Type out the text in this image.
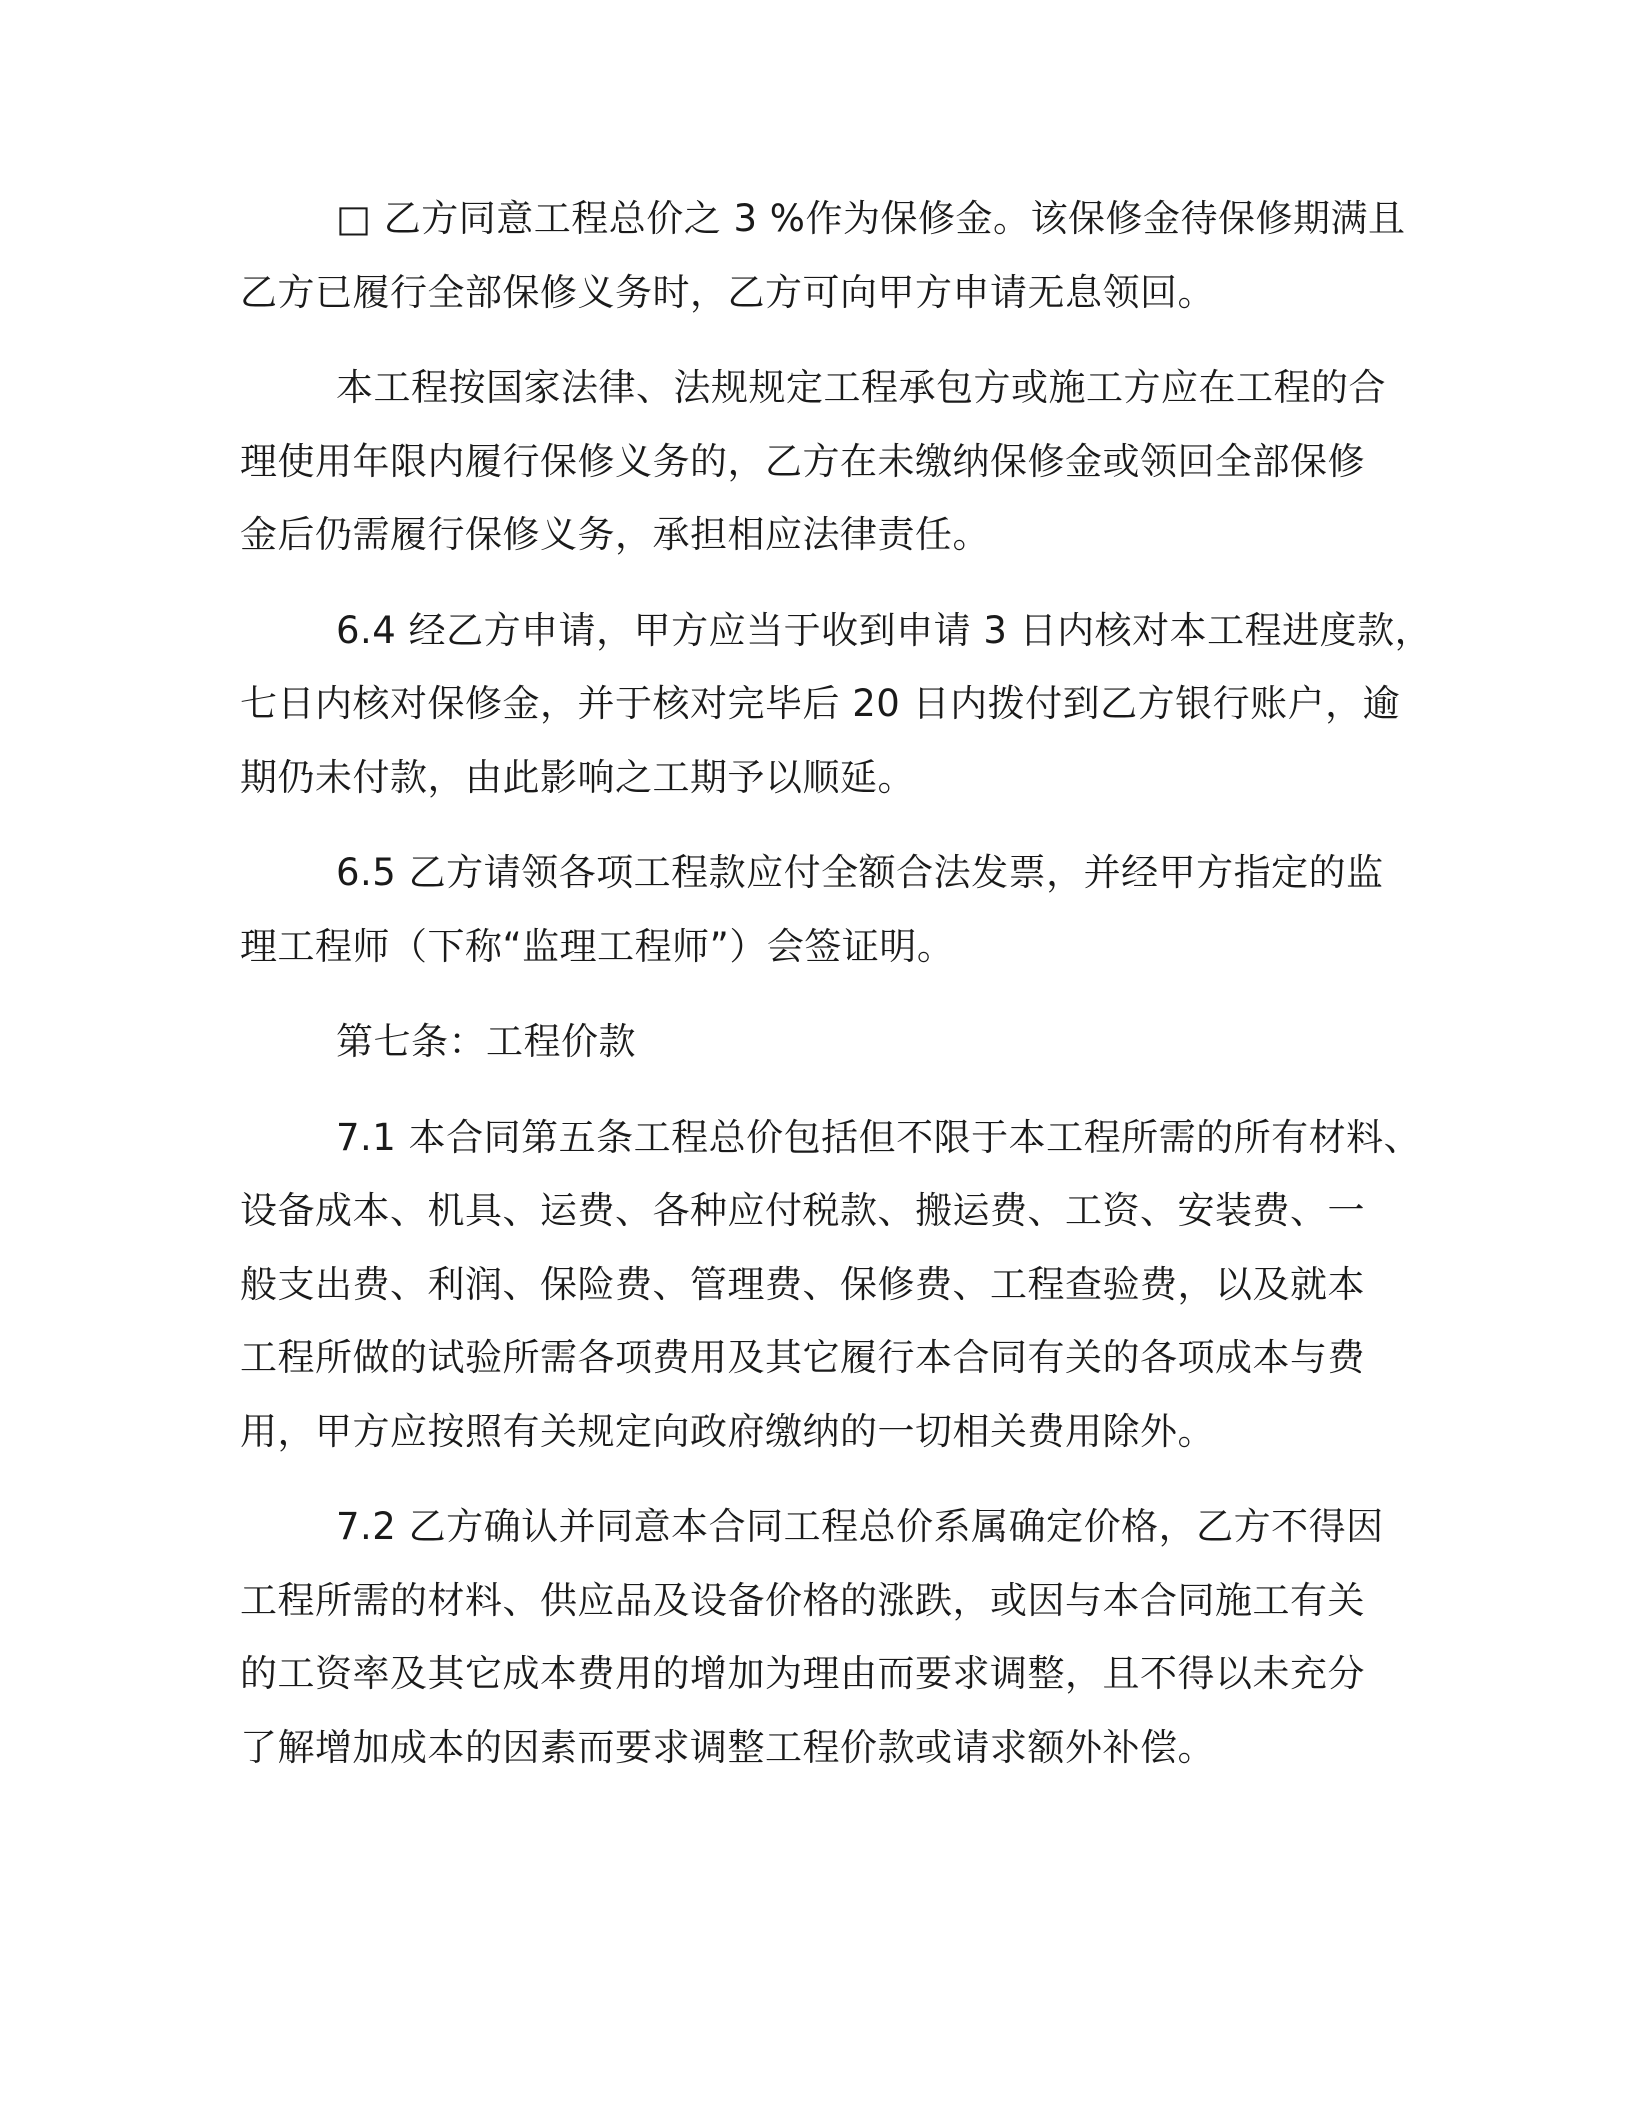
□ 乙方同意工程总价之 3 %作为保修金。该保修金待保修期满且
乙方已履行全部保修义务时，乙方可向甲方申请无息领回。
本工程按国家法律、法规规定工程承包方或施工方应在工程的合
理使用年限内履行保修义务的，乙方在未缴纳保修金或领回全部保修
金后仍需履行保修义务，承担相应法律责任。
6.4 经乙方申请，甲方应当于收到申请 3 日内核对本工程进度款，
七日内核对保修金，并于核对完毕后 20 日内拨付到乙方银行账户，逾
期仍未付款，由此影响之工期予以顺延。
6.5 乙方请领各项工程款应付全额合法发票，并经甲方指定的监
理工程师（下称“监理工程师”）会签证明。
第七条：工程价款
7.1 本合同第五条工程总价包括但不限于本工程所需的所有材料、
设备成本、机具、运费、各种应付税款、搬运费、工资、安装费、一
般支出费、利润、保险费、管理费、保修费、工程查验费，以及就本
工程所做的试验所需各项费用及其它履行本合同有关的各项成本与费
用，甲方应按照有关规定向政府缴纳的一切相关费用除外。
7.2 乙方确认并同意本合同工程总价系属确定价格，乙方不得因
工程所需的材料、供应品及设备价格的涨跌，或因与本合同施工有关
的工资率及其它成本费用的增加为理由而要求调整，且不得以未充分
了解增加成本的因素而要求调整工程价款或请求额外补偿。
